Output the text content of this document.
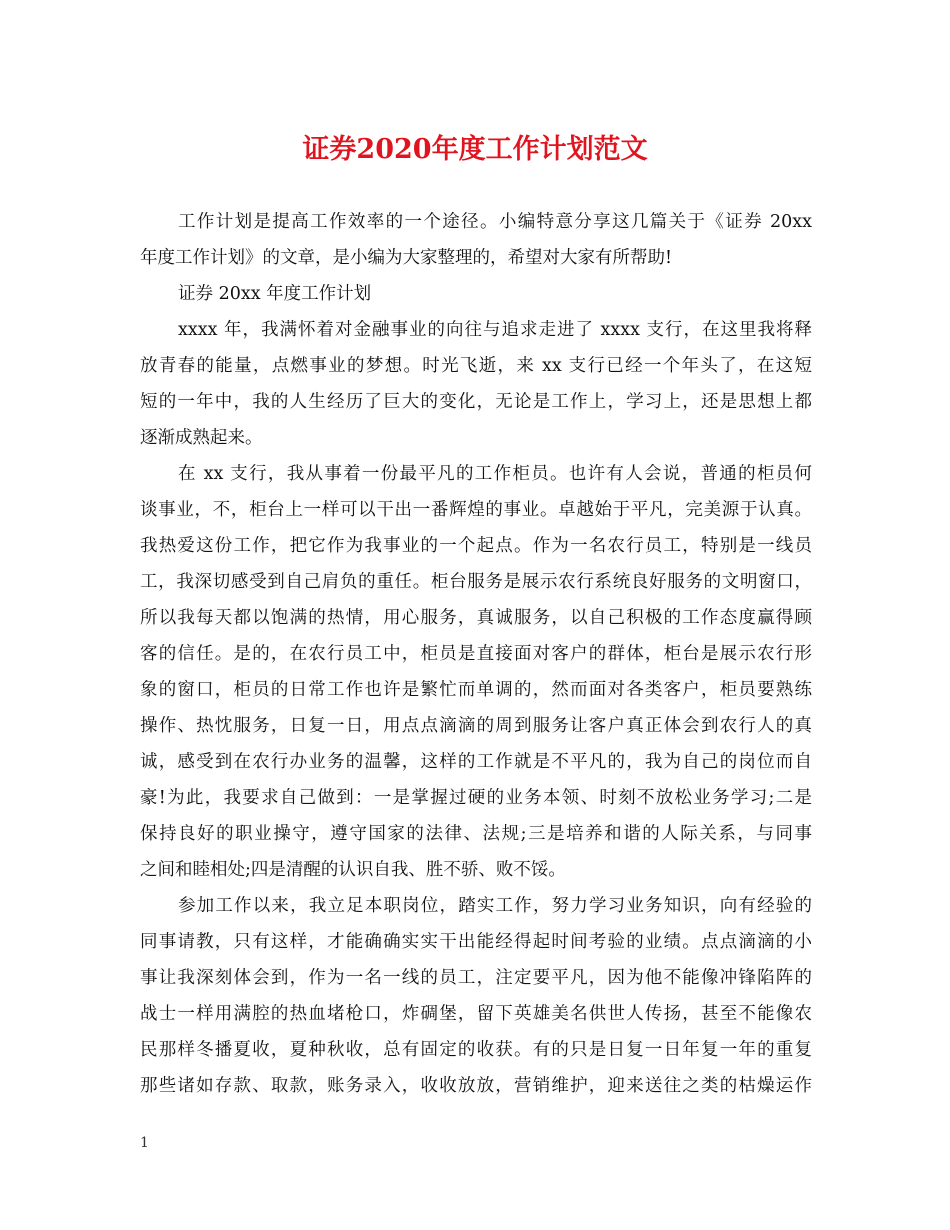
证券2020年度工作计划范文
工作计划是提高工作效率的一个途径。小编特意分享这几篇关于《证券 20xx
年度工作计划》的文章，是小编为大家整理的，希望对大家有所帮助!
证券 20xx 年度工作计划
xxxx 年，我满怀着对金融事业的向往与追求走进了 xxxx 支行，在这里我将释
放青春的能量，点燃事业的梦想。时光飞逝，来 xx 支行已经一个年头了，在这短
短的一年中，我的人生经历了巨大的变化，无论是工作上，学习上，还是思想上都
逐渐成熟起来。
在 xx 支行，我从事着一份最平凡的工作柜员。也许有人会说，普通的柜员何
谈事业，不，柜台上一样可以干出一番辉煌的事业。卓越始于平凡，完美源于认真。
我热爱这份工作，把它作为我事业的一个起点。作为一名农行员工，特别是一线员
工，我深切感受到自己肩负的重任。柜台服务是展示农行系统良好服务的文明窗口，
所以我每天都以饱满的热情，用心服务，真诚服务，以自己积极的工作态度赢得顾
客的信任。是的，在农行员工中，柜员是直接面对客户的群体，柜台是展示农行形
象的窗口，柜员的日常工作也许是繁忙而单调的，然而面对各类客户，柜员要熟练
操作、热忱服务，日复一日，用点点滴滴的周到服务让客户真正体会到农行人的真
诚，感受到在农行办业务的温馨，这样的工作就是不平凡的，我为自己的岗位而自
豪!为此，我要求自己做到：一是掌握过硬的业务本领、时刻不放松业务学习;二是
保持良好的职业操守，遵守国家的法律、法规;三是培养和谐的人际关系，与同事
之间和睦相处;四是清醒的认识自我、胜不骄、败不馁。
参加工作以来，我立足本职岗位，踏实工作，努力学习业务知识，向有经验的
同事请教，只有这样，才能确确实实干出能经得起时间考验的业绩。点点滴滴的小
事让我深刻体会到，作为一名一线的员工，注定要平凡，因为他不能像冲锋陷阵的
战士一样用满腔的热血堵枪口，炸碉堡，留下英雄美名供世人传扬，甚至不能像农
民那样冬播夏收，夏种秋收，总有固定的收获。有的只是日复一日年复一年的重复
那些诸如存款、取款，账务录入，收收放放，营销维护，迎来送往之类的枯燥运作
1
